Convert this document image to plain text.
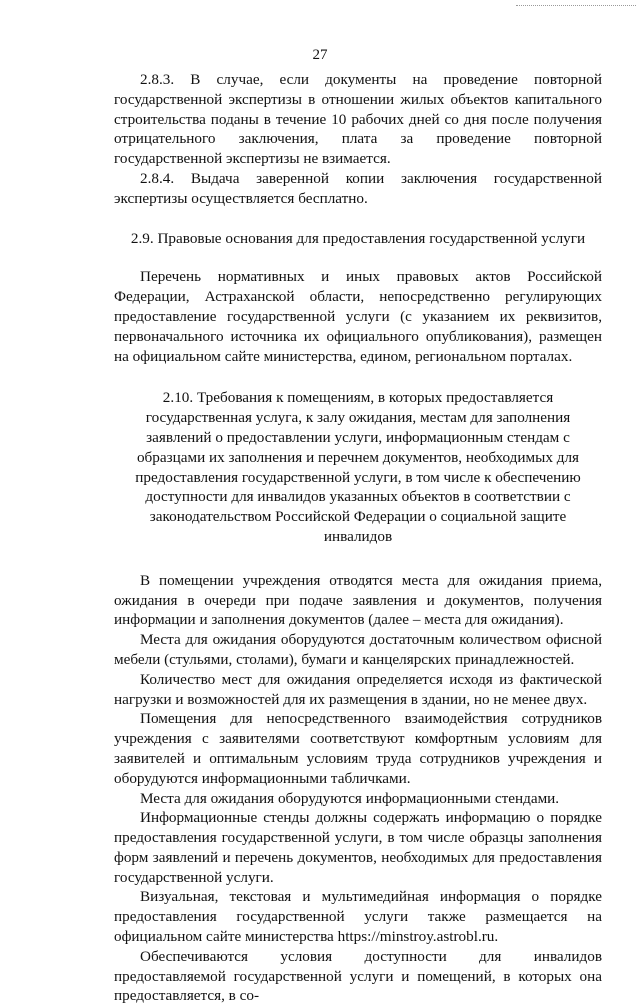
27

2.8.3. В случае, если документы на проведение повторной государственной экспертизы в отношении жилых объектов капитального строительства поданы в течение 10 рабочих дней со дня после получения отрицательного заключения, плата за проведение повторной государственной экспертизы не взимается.

2.8.4. Выдача заверенной копии заключения государственной экспертизы осуществляется бесплатно.

2.9. Правовые основания для предоставления государственной услуги

Перечень нормативных и иных правовых актов Российской Федерации, Астраханской области, непосредственно регулирующих предоставление государственной услуги (с указанием их реквизитов, первоначального источника их официального опубликования), размещен на официальном сайте министерства, едином, региональном порталах.

2.10. Требования к помещениям, в которых предоставляется государственная услуга, к залу ожидания, местам для заполнения заявлений о предоставлении услуги, информационным стендам с образцами их заполнения и перечнем документов, необходимых для предоставления государственной услуги, в том числе к обеспечению доступности для инвалидов указанных объектов в соответствии с законодательством Российской Федерации о социальной защите инвалидов

В помещении учреждения отводятся места для ожидания приема, ожидания в очереди при подаче заявления и документов, получения информации и заполнения документов (далее – места для ожидания).

Места для ожидания оборудуются достаточным количеством офисной мебели (стульями, столами), бумаги и канцелярских принадлежностей.

Количество мест для ожидания определяется исходя из фактической нагрузки и возможностей для их размещения в здании, но не менее двух.

Помещения для непосредственного взаимодействия сотрудников учреждения с заявителями соответствуют комфортным условиям для заявителей и оптимальным условиям труда сотрудников учреждения и оборудуются информационными табличками.

Места для ожидания оборудуются информационными стендами.

Информационные стенды должны содержать информацию о порядке предоставления государственной услуги, в том числе образцы заполнения форм заявлений и перечень документов, необходимых для предоставления государственной услуги.

Визуальная, текстовая и мультимедийная информация о порядке предоставления государственной услуги также размещается на официальном сайте министерства https://minstroy.astrobl.ru.

Обеспечиваются условия доступности для инвалидов предоставляемой государственной услуги и помещений, в которых она предоставляется, в со-
